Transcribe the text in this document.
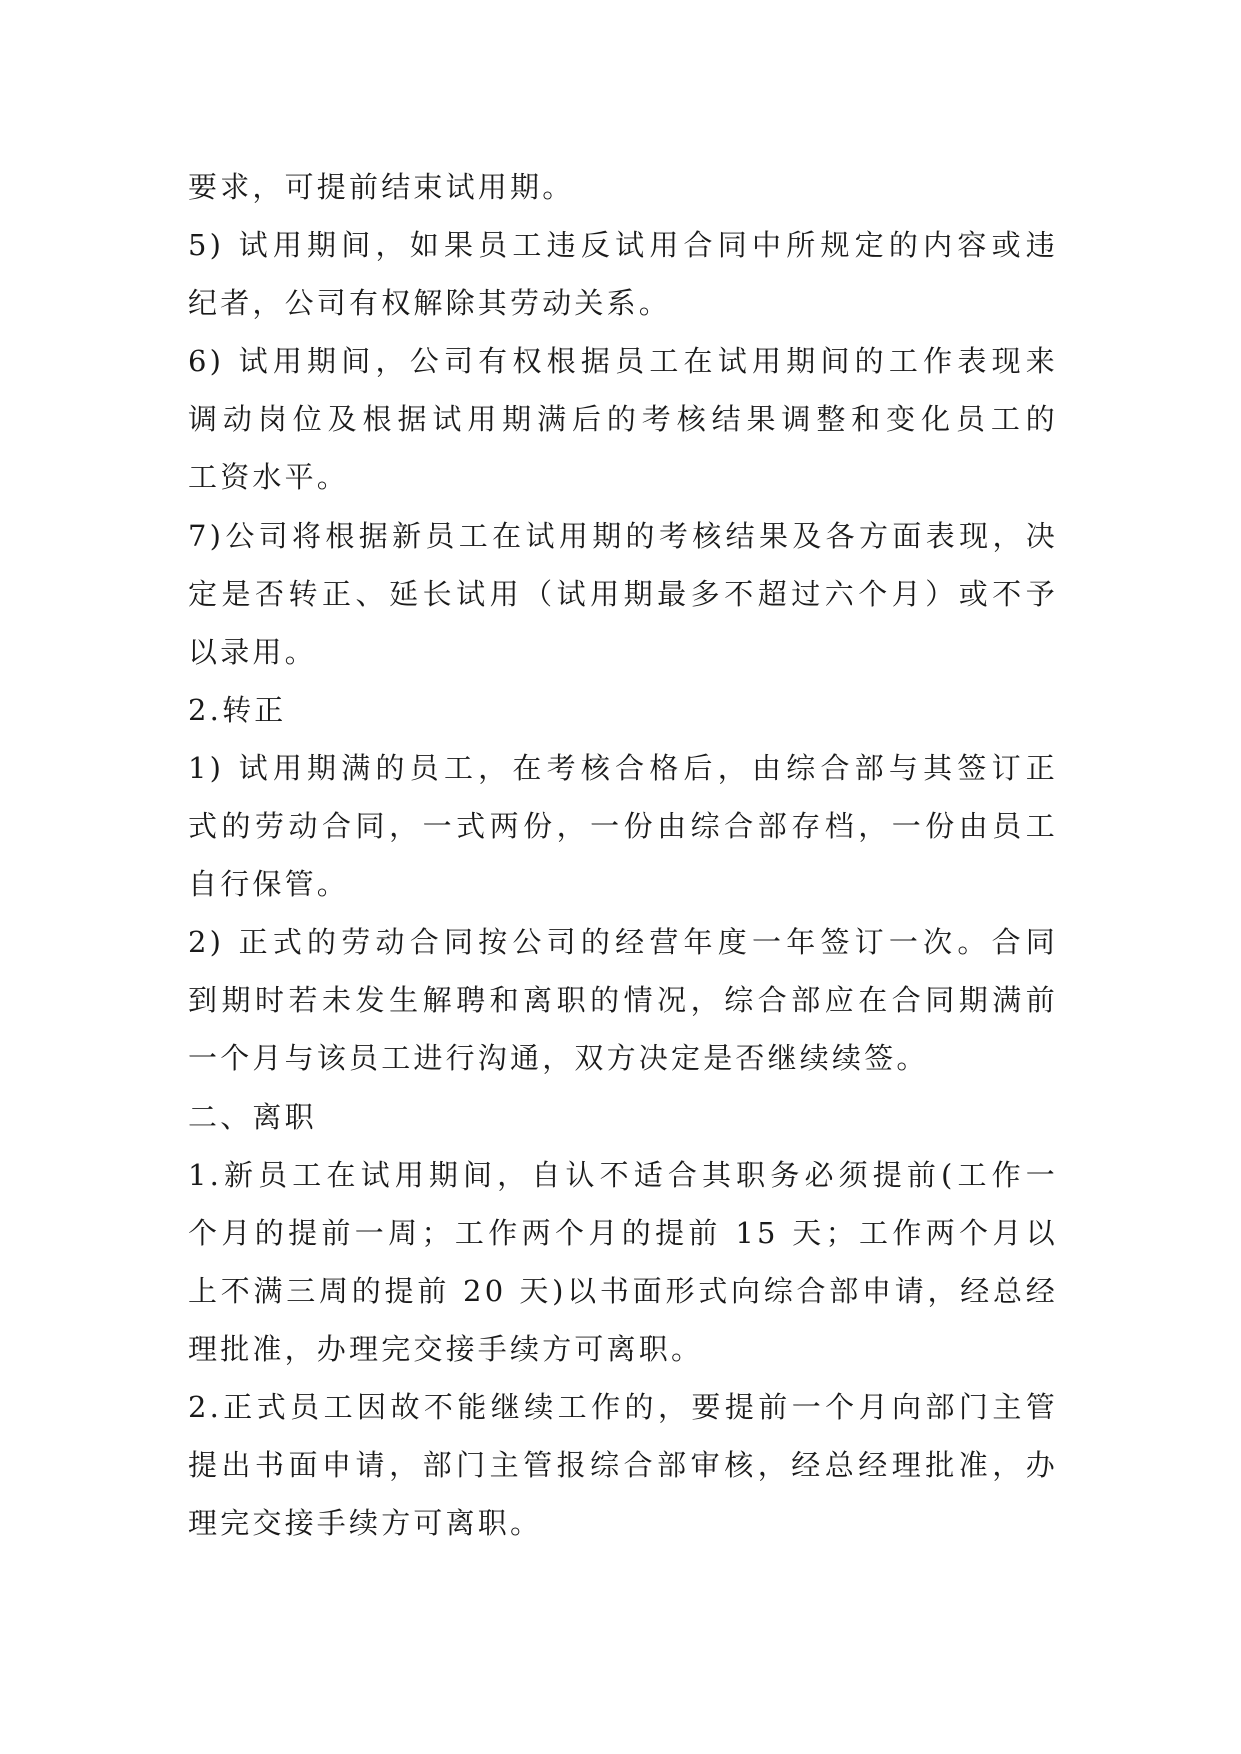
要求，可提前结束试用期。
5) 试用期间，如果员工违反试用合同中所规定的内容或违
纪者，公司有权解除其劳动关系。
6) 试用期间，公司有权根据员工在试用期间的工作表现来
调动岗位及根据试用期满后的考核结果调整和变化员工的
工资水平。
7)公司将根据新员工在试用期的考核结果及各方面表现，决
定是否转正、延长试用（试用期最多不超过六个月）或不予
以录用。
2.转正
1) 试用期满的员工，在考核合格后，由综合部与其签订正
式的劳动合同，一式两份，一份由综合部存档，一份由员工
自行保管。
2) 正式的劳动合同按公司的经营年度一年签订一次。合同
到期时若未发生解聘和离职的情况，综合部应在合同期满前
一个月与该员工进行沟通，双方决定是否继续续签。
二、离职
1.新员工在试用期间，自认不适合其职务必须提前(工作一
个月的提前一周；工作两个月的提前 15 天；工作两个月以
上不满三周的提前 20 天)以书面形式向综合部申请，经总经
理批准，办理完交接手续方可离职。
2.正式员工因故不能继续工作的，要提前一个月向部门主管
提出书面申请，部门主管报综合部审核，经总经理批准，办
理完交接手续方可离职。
